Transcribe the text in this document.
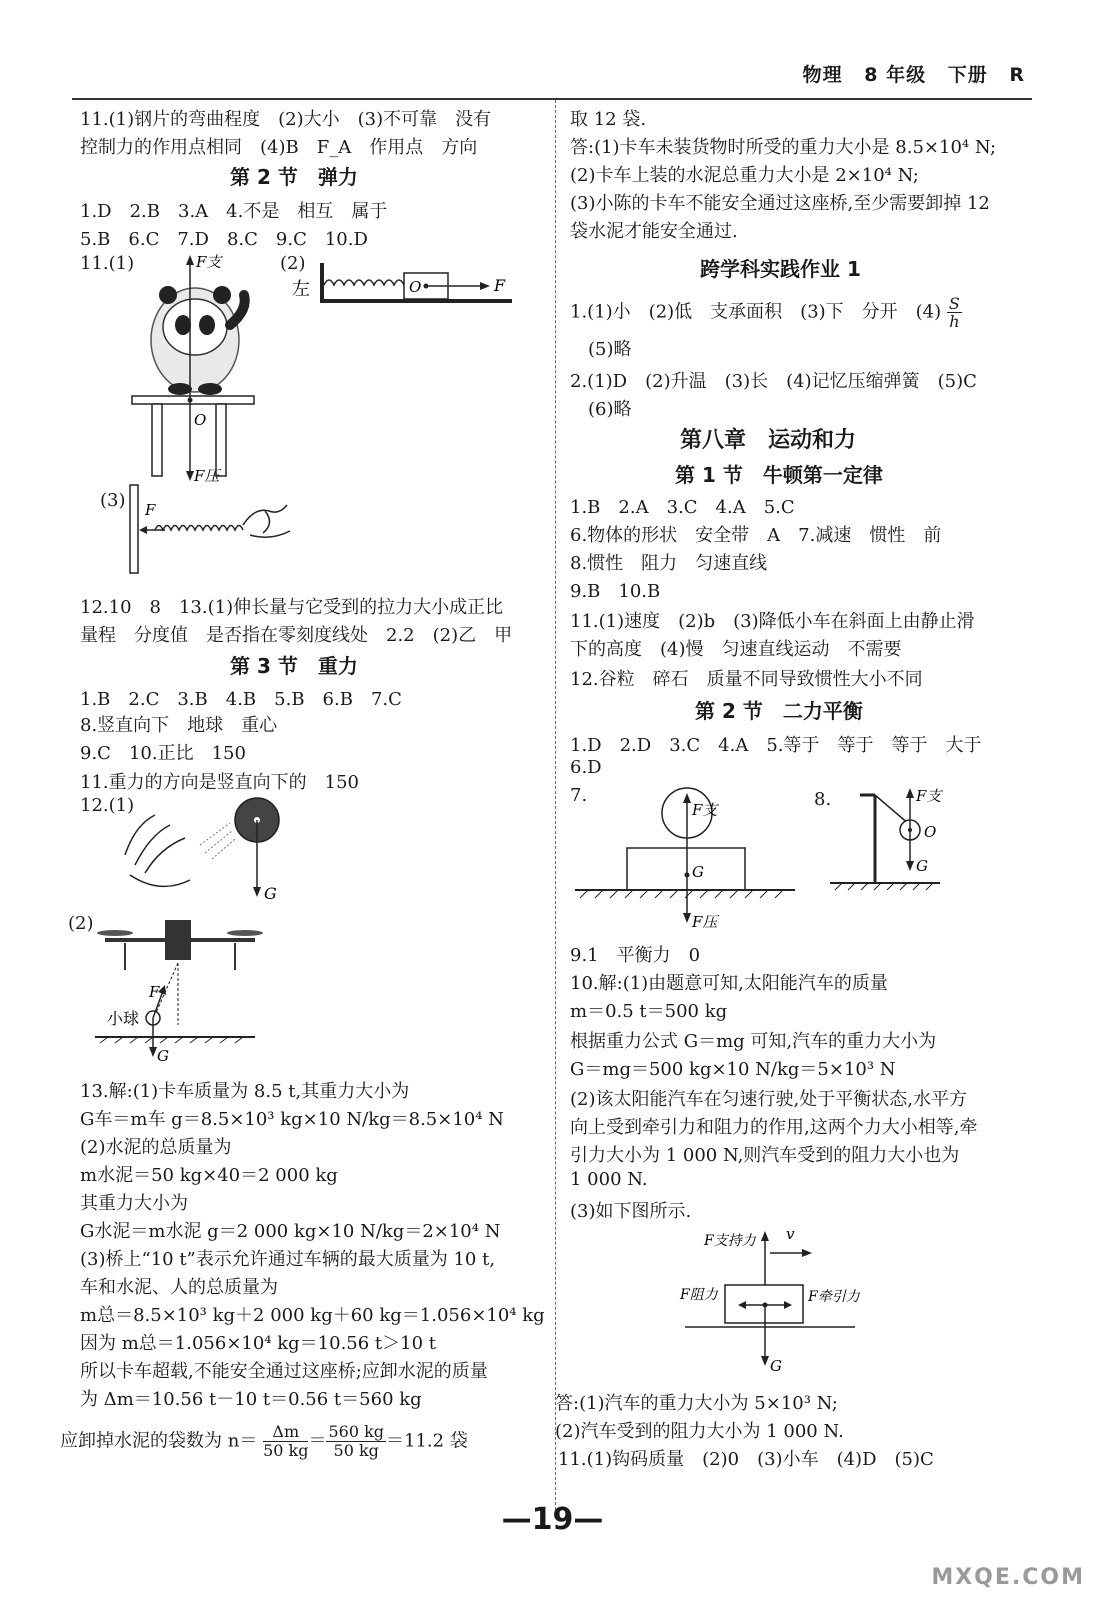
物理 8 年级 下册 R
11.(1)钢片的弯曲程度　(2)大小　(3)不可靠　没有
控制力的作用点相同　(4)B　F_A　作用点　方向
第 2 节　弹力
1.D　2.B　3.A　4.不是　相互　属于
5.B　6.C　7.D　8.C　9.C　10.D
11.(1)	(2)
F支
F压
O
左	O	F
(3) F
12.10　8　13.(1)伸长量与它受到的拉力大小成正比
量程　分度值　是否指在零刻度线处　2.2　(2)乙　甲
第 3 节　重力
1.B　2.C　3.B　4.B　5.B　6.B　7.C
8.竖直向下　地球　重心
9.C　10.正比　150
11.重力的方向是竖直向下的　150
12.(1)
G
(2)
F
小球
G
13.解:(1)卡车质量为 8.5 t,其重力大小为
G车＝m车 g＝8.5×10³ kg×10 N/kg＝8.5×10⁴ N
(2)水泥的总质量为
m水泥＝50 kg×40＝2 000 kg
其重力大小为
G水泥＝m水泥 g＝2 000 kg×10 N/kg＝2×10⁴ N
(3)桥上“10 t”表示允许通过车辆的最大质量为 10 t,
车和水泥、人的总质量为
m总＝8.5×10³ kg＋2 000 kg＋60 kg＝1.056×10⁴ kg
因为 m总＝1.056×10⁴ kg＝10.56 t＞10 t
所以卡车超载,不能安全通过这座桥;应卸水泥的质量
为 Δm＝10.56 t－10 t＝0.56 t＝560 kg
应卸掉水泥的袋数为 $n= \frac{\Delta m}{50 kg} = \frac{560 kg}{50 kg} =11.2$ 袋
取 12 袋.
答:(1)卡车未装货物时所受的重力大小是 8.5×10⁴ N;
(2)卡车上装的水泥总重力大小是 2×10⁴ N;
(3)小陈的卡车不能安全通过这座桥,至少需要卸掉 12
袋水泥才能安全通过.
跨学科实践作业 1
1.(1)小　(2)低　支承面积　(3)下　分开　$(4) \frac{S}{h}$
(5)略
2.(1)D　(2)升温　(3)长　(4)记忆压缩弹簧　(5)C
(6)略
第八章　运动和力
第 1 节　牛顿第一定律
1.B　2.A　3.C　4.A　5.C
6.物体的形状　安全带　A　7.减速　惯性　前
8.惯性　阻力　匀速直线
9.B　10.B
11.(1)速度　(2)b　(3)降低小车在斜面上由静止滑
下的高度　(4)慢　匀速直线运动　不需要
12.谷粒　碎石　质量不同导致惯性大小不同
第 2 节　二力平衡
1.D　2.D　3.C　4.A　5.等于　等于　等于　大于
6.D
7.	8.
F支
G
F压
O
F支
G
9.1　平衡力　0
10.解:(1)由题意可知,太阳能汽车的质量
m＝0.5 t＝500 kg
根据重力公式 G＝mg 可知,汽车的重力大小为
G＝mg＝500 kg×10 N/kg＝5×10³ N
(2)该太阳能汽车在匀速行驶,处于平衡状态,水平方
向上受到牵引力和阻力的作用,这两个力大小相等,牵
引力大小为 1 000 N,则汽车受到的阻力大小也为
1 000 N.
(3)如下图所示.
F支持力 v
F阻力	F牵引力
G
答:(1)汽车的重力大小为 5×10³ N;
(2)汽车受到的阻力大小为 1 000 N.
11.(1)钩码质量　(2)0　(3)小车　(4)D　(5)C
—19—
MXQE.COM
